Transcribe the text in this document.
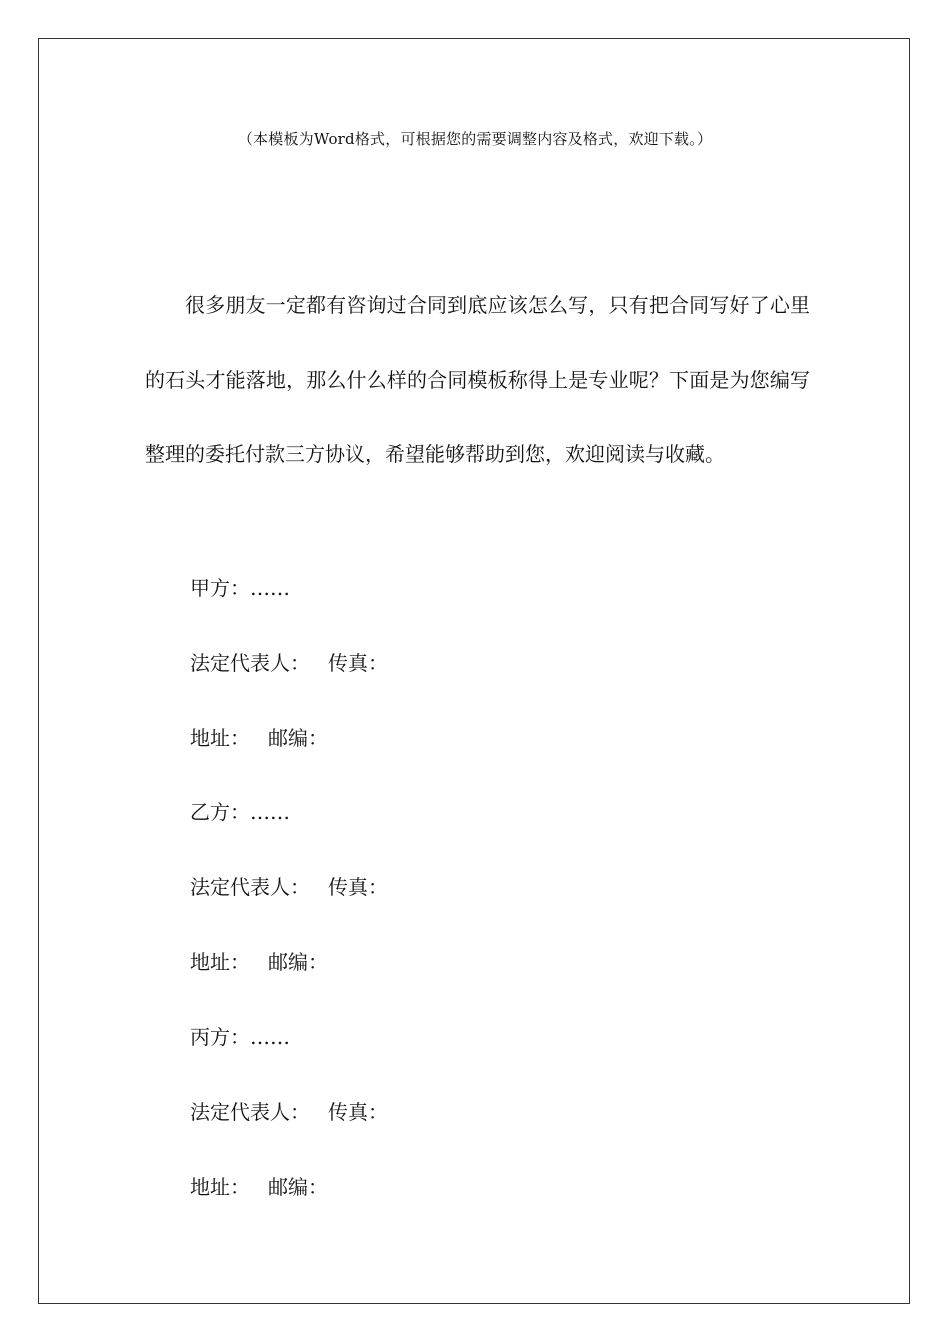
（本模板为Word格式，可根据您的需要调整内容及格式，欢迎下载。）

很多朋友一定都有咨询过合同到底应该怎么写，只有把合同写好了心里的石头才能落地，那么什么样的合同模板称得上是专业呢？下面是为您编写整理的委托付款三方协议，希望能够帮助到您，欢迎阅读与收藏。

甲方：……
法定代表人： 传真：
地址： 邮编：
乙方：……
法定代表人： 传真：
地址： 邮编：
丙方：……
法定代表人： 传真：
地址： 邮编：
